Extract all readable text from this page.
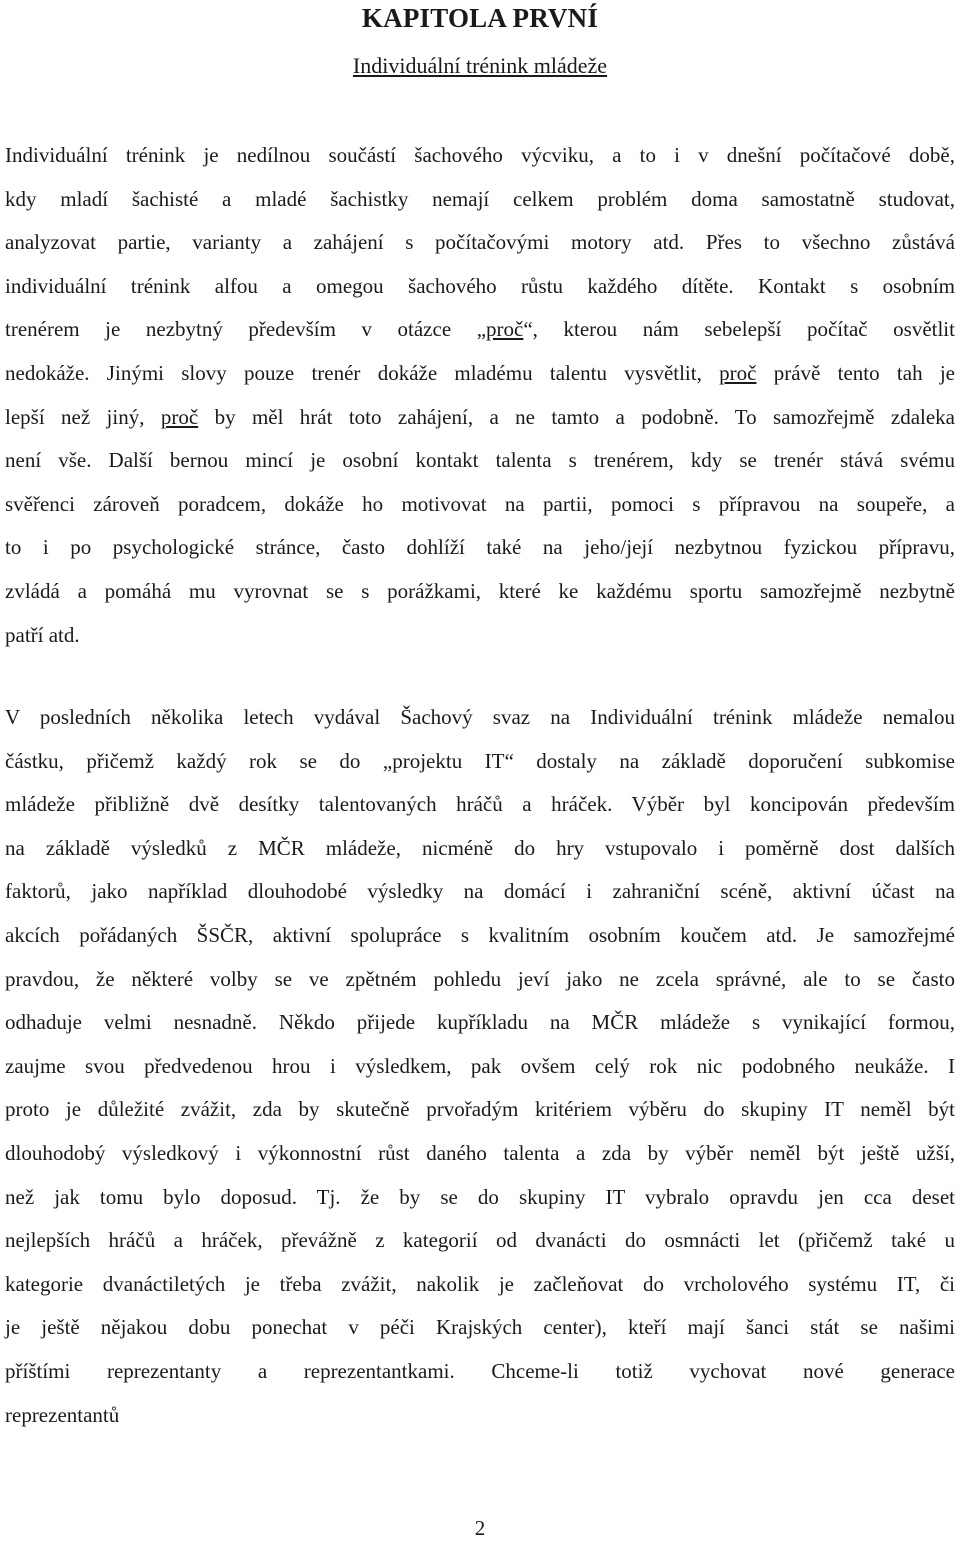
KAPITOLA PRVNÍ
Individuální trénink mládeže
Individuální trénink je nedílnou součástí šachového výcviku, a to i v dnešní počítačové době,
kdy mladí šachisté a mladé šachistky nemají celkem problém doma samostatně studovat,
analyzovat partie, varianty a zahájení s počítačovými motory atd. Přes to všechno zůstává
individuální trénink alfou a omegou šachového růstu každého dítěte. Kontakt s osobním
trenérem je nezbytný především v otázce „proč“, kterou nám sebelepší počítač osvětlit
nedokáže. Jinými slovy pouze trenér dokáže mladému talentu vysvětlit, proč právě tento tah je
lepší než jiný, proč by měl hrát toto zahájení, a ne tamto a podobně. To samozřejmě zdaleka
není vše. Další bernou mincí je osobní kontakt talenta s trenérem, kdy se trenér stává svému
svěřenci zároveň poradcem, dokáže ho motivovat na partii, pomoci s přípravou na soupeře, a
to i po psychologické stránce, často dohlíží také na jeho/její nezbytnou fyzickou přípravu,
zvládá a pomáhá mu vyrovnat se s porážkami, které ke každému sportu samozřejmě nezbytně
patří atd.
V posledních několika letech vydával Šachový svaz na Individuální trénink mládeže nemalou
částku, přičemž každý rok se do „projektu IT“ dostaly na základě doporučení subkomise
mládeže přibližně dvě desítky talentovaných hráčů a hráček. Výběr byl koncipován především
na základě výsledků z MČR mládeže, nicméně do hry vstupovalo i poměrně dost dalších
faktorů, jako například dlouhodobé výsledky na domácí i zahraniční scéně, aktivní účast na
akcích pořádaných ŠSČR, aktivní spolupráce s kvalitním osobním koučem atd. Je samozřejmé
pravdou, že některé volby se ve zpětném pohledu jeví jako ne zcela správné, ale to se často
odhaduje velmi nesnadně. Někdo přijede kupříkladu na MČR mládeže s vynikající formou,
zaujme svou předvedenou hrou i výsledkem, pak ovšem celý rok nic podobného neukáže. I
proto je důležité zvážit, zda by skutečně prvořadým kritériem výběru do skupiny IT neměl být
dlouhodobý výsledkový i výkonnostní růst daného talenta a zda by výběr neměl být ještě užší,
než jak tomu bylo doposud. Tj. že by se do skupiny IT vybralo opravdu jen cca deset
nejlepších hráčů a hráček, převážně z kategorií od dvanácti do osmnácti let (přičemž také u
kategorie dvanáctiletých je třeba zvážit, nakolik je začleňovat do vrcholového systému IT, či
je ještě nějakou dobu ponechat v péči Krajských center), kteří mají šanci stát se našimi
příštími reprezentanty a reprezentantkami. Chceme-li totiž vychovat nové generace
reprezentantů
2
